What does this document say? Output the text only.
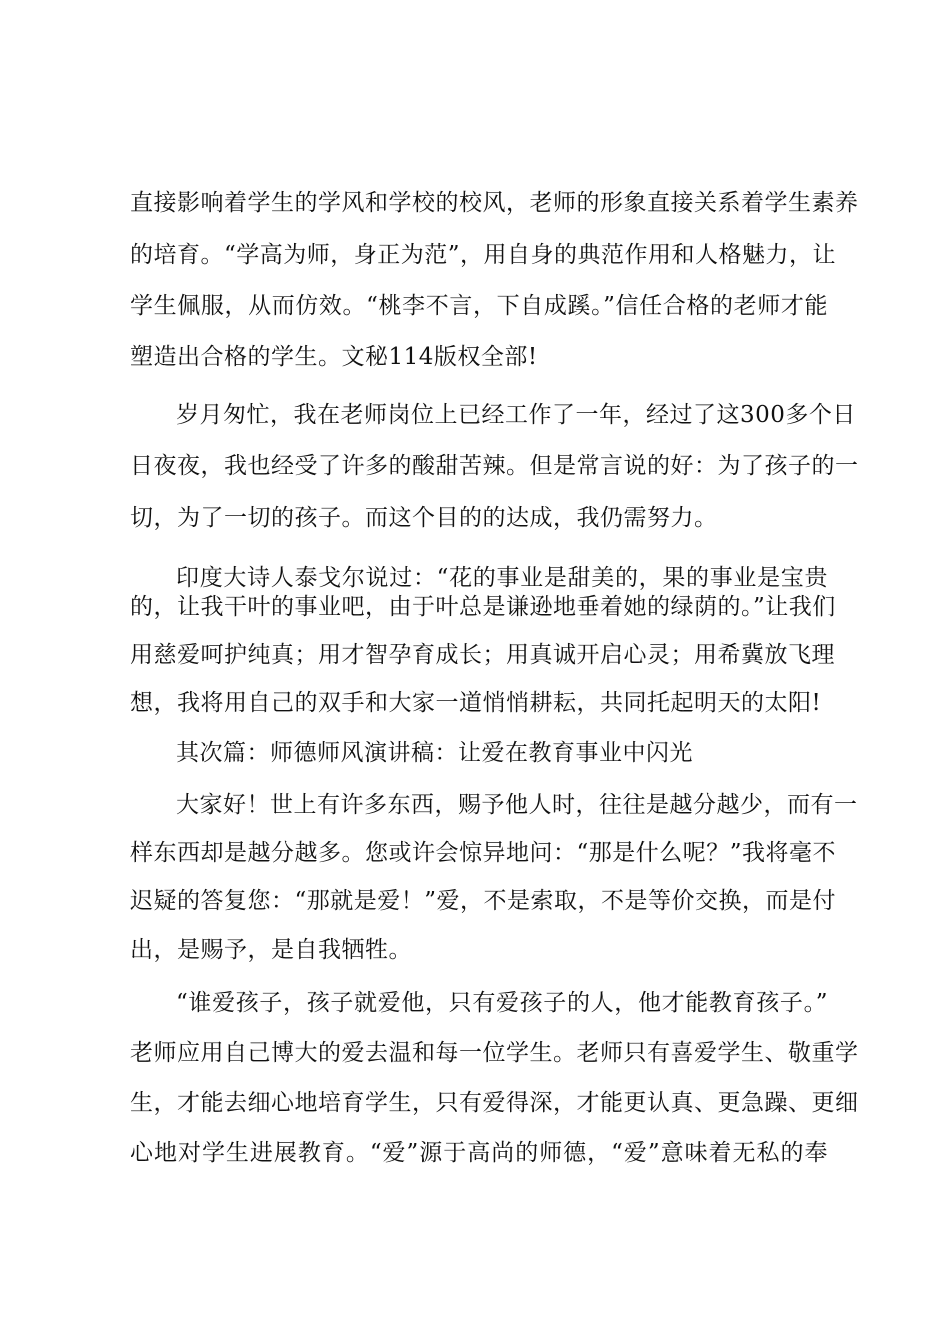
直接影响着学生的学风和学校的校风，老师的形象直接关系着学生素养
的培育。“学高为师，身正为范”，用自身的典范作用和人格魅力，让
学生佩服，从而仿效。“桃李不言，下自成蹊。”信任合格的老师才能
塑造出合格的学生。文秘114版权全部!
岁月匆忙，我在老师岗位上已经工作了一年，经过了这300多个日
日夜夜，我也经受了许多的酸甜苦辣。但是常言说的好：为了孩子的一
切，为了一切的孩子。而这个目的的达成，我仍需努力。
印度大诗人泰戈尔说过：“花的事业是甜美的，果的事业是宝贵
的，让我干叶的事业吧，由于叶总是谦逊地垂着她的绿荫的。”让我们
用慈爱呵护纯真；用才智孕育成长；用真诚开启心灵；用希冀放飞理
想，我将用自己的双手和大家一道悄悄耕耘，共同托起明天的太阳!
其次篇：师德师风演讲稿：让爱在教育事业中闪光
大家好！世上有许多东西，赐予他人时，往往是越分越少，而有一
样东西却是越分越多。您或许会惊异地问：“那是什么呢？”我将毫不
迟疑的答复您：“那就是爱！”爱，不是索取，不是等价交换，而是付
出，是赐予，是自我牺牲。
“谁爱孩子，孩子就爱他，只有爱孩子的人，他才能教育孩子。”
老师应用自己博大的爱去温和每一位学生。老师只有喜爱学生、敬重学
生，才能去细心地培育学生，只有爱得深，才能更认真、更急躁、更细
心地对学生进展教育。“爱”源于高尚的师德，“爱”意味着无私的奉
